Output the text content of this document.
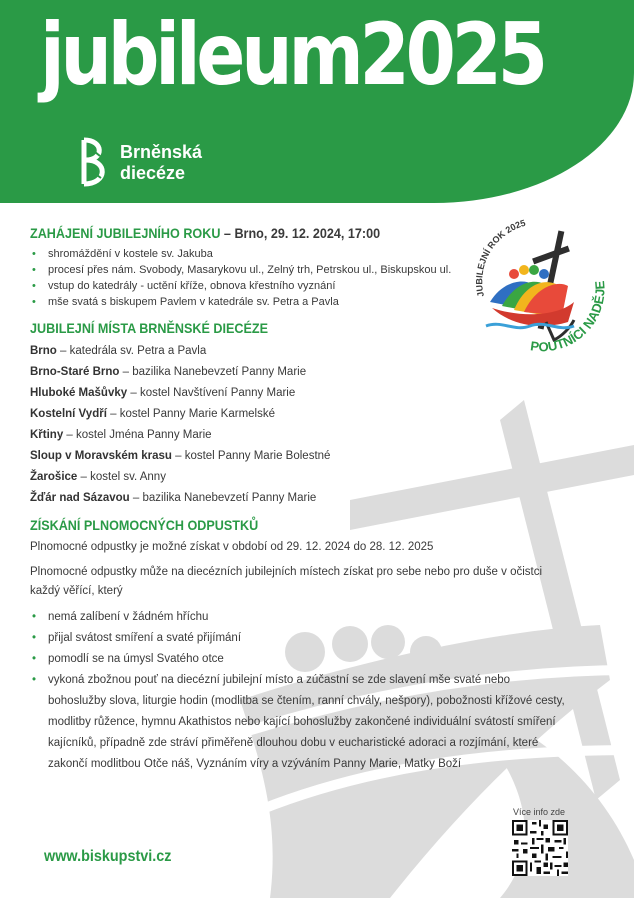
jubileum2025
Brněnská
diecéze
JUBILEJNÍ ROK 2025
POUTNÍCI NADĚJE
ZAHÁJENÍ JUBILEJNÍHO ROKU – Brno, 29. 12. 2024, 17:00
• shromáždění v kostele sv. Jakuba
• procesí přes nám. Svobody, Masarykovu ul., Zelný trh, Petrskou ul., Biskupskou ul.
• vstup do katedrály - uctění kříže, obnova křestního vyznání
• mše svatá s biskupem Pavlem v katedrále sv. Petra a Pavla
JUBILEJNÍ MÍSTA BRNĚNSKÉ DIECÉZE
Brno – katedrála sv. Petra a Pavla
Brno-Staré Brno – bazilika Nanebevzetí Panny Marie
Hluboké Mašůvky – kostel Navštívení Panny Marie
Kostelní Vydří – kostel Panny Marie Karmelské
Křtiny – kostel Jména Panny Marie
Sloup v Moravském krasu – kostel Panny Marie Bolestné
Žarošice – kostel sv. Anny
Žďár nad Sázavou – bazilika Nanebevzetí Panny Marie
ZÍSKÁNÍ PLNOMOCNÝCH ODPUSTKŮ

Plnomocné odpustky je možné získat v období od 29. 12. 2024 do 28. 12. 2025

Plnomocné odpustky může na diecézních jubilejních místech získat pro sebe nebo pro duše v očistci každý věřící, který

• nemá zalíbení v žádném hříchu
• přijal svátost smíření a svaté přijímání
• pomodlí se na úmysl Svatého otce
• vykoná zbožnou pouť na diecézní jubilejní místo a zúčastní se zde slavení mše svaté nebo bohoslužby slova, liturgie hodin (modlitba se čtením, ranní chvály, nešpory), pobožnosti křížové cesty, modlitby růžence, hymnu Akathistos nebo kající bohoslužby zakončené individuální svátostí smíření kajícníků, případně zde stráví přiměřeně dlouhou dobu v eucharistické adoraci a rozjímání, které zakončí modlitbou Otče náš, Vyznáním víry a vzýváním Panny Marie, Matky Boží
www.biskupstvi.cz
Více info zde
